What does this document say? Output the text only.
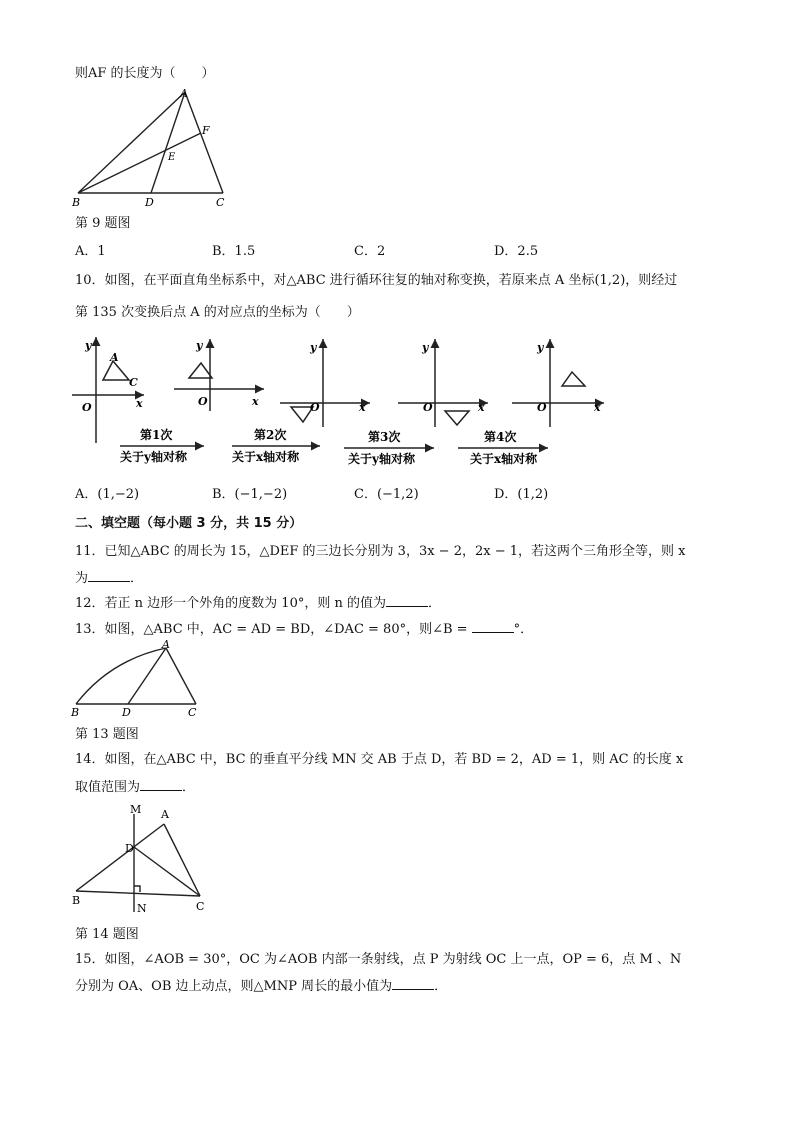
则AF 的长度为（　　）
A
F
E
B	D	C
第 9 题图
A．1	B．1.5	C．2	D．2.5
10．如图，在平面直角坐标系中，对△ABC 进行循环往复的轴对称变换，若原来点 A 坐标(1,2)，则经过
第 135 次变换后点 A 的对应点的坐标为（　　）
y
x
O
A
C
y
x
O
y
x
O
y
x
O
y
x
O
第1次
关于y轴对称
第2次
关于x轴对称
第3次
关于y轴对称
第4次
关于x轴对称
A．(1,−2)	B．(−1,−2)	C．(−1,2)	D．(1,2)
二、填空题（每小题 3 分，共 15 分）
11．已知△ABC 的周长为 15，△DEF 的三边长分别为 3，3x − 2，2x − 1，若这两个三角形全等，则 x
为	．
12．若正 n 边形一个外角的度数为 10°，则 n 的值为	．
13．如图，△ABC 中，AC = AD = BD，∠DAC = 80°，则∠B =	°．
A
B	D	C
第 13 题图
14．如图，在△ABC 中，BC 的垂直平分线 MN 交 AB 于点 D，若 BD = 2，AD = 1，则 AC 的长度 x
取值范围为	．
M A
D
B
N	C
第 14 题图
15．如图，∠AOB = 30°，OC 为∠AOB 内部一条射线，点 P 为射线 OC 上一点，OP = 6，点 M 、N
分别为 OA、OB 边上动点，则△MNP 周长的最小值为	．
